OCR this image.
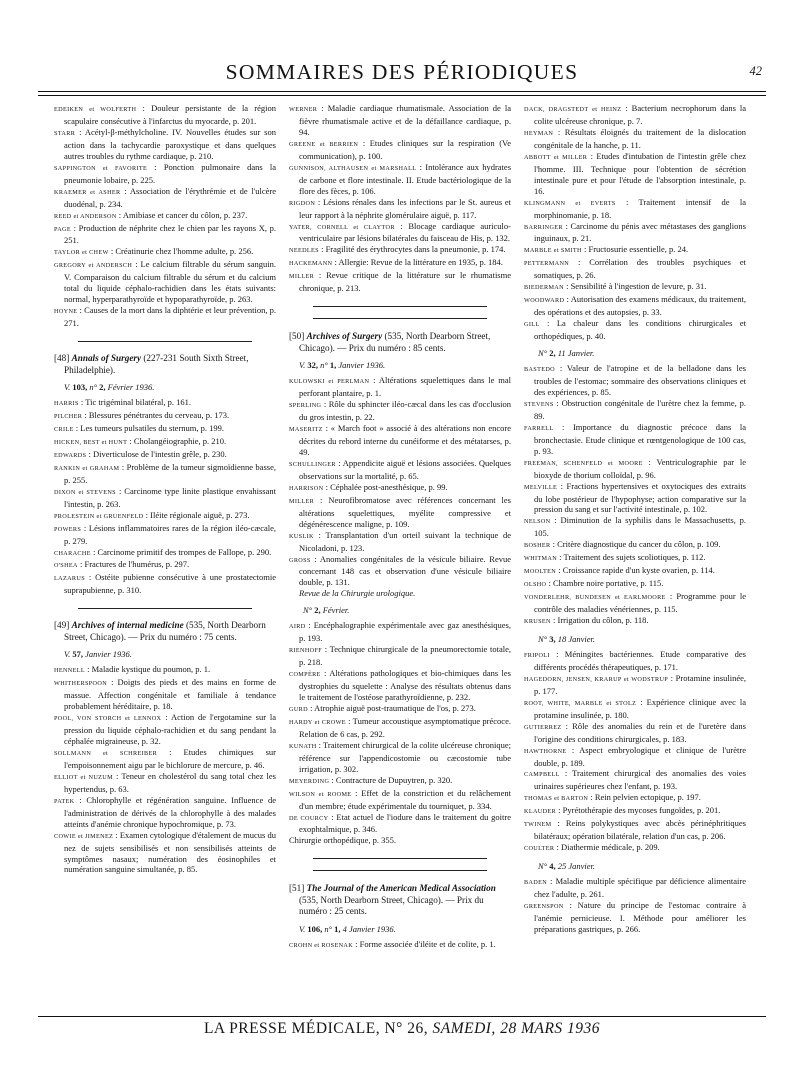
SOMMAIRES DES PÉRIODIQUES	42
EDEIKEN et WOLFERTH : Douleur persistante de la région scapulaire consécutive à l'infarctus du myocarde, p. 201.
STARR : Acétyl-β-méthylcholine. IV. Nouvelles études sur son action dans la tachycardie paroxystique et dans quelques autres troubles du rythme cardiaque, p. 210.
SAPPINGTON et FAVORITE : Ponction pulmonaire dans la pneumonie lobaire, p. 225.
KRAEMER et ASHER : Association de l'érythrémie et de l'ulcère duodénal, p. 234.
REED et ANDERSON : Amibiase et cancer du côlon, p. 237.
PAGE : Production de néphrite chez le chien par les rayons X, p. 251.
TAYLOR et CHEW : Créatinurie chez l'homme adulte, p. 256.
GREGORY et ANDERSCH : Le calcium filtrable du sérum sanguin. V. Comparaison du calcium filtrable du sérum et du calcium total du liquide céphalo-rachidien dans les états suivants: normal, hyperparathyroïde et hypoparathyroïde, p. 263.
HOYNE : Causes de la mort dans la diphtérie et leur prévention, p. 271.
[48] Annals of Surgery (227-231 South Sixth Street, Philadelphie).
V. 103, n° 2, Février 1936.
HARRIS : Tic trigéminal bilatéral, p. 161.
PILCHER : Blessures pénétrantes du cerveau, p. 173.
CRILE : Les tumeurs pulsatiles du sternum, p. 199.
HICKEN, BEST et HUNT : Cholangéiographie, p. 210.
EDWARDS : Diverticulose de l'intestin grêle, p. 230.
RANKIN et GRAHAM : Problème de la tumeur sigmoïdienne basse, p. 255.
DIXON et STEVENS : Carcinome type linite plastique envahissant l'intestin, p. 263.
PROLESTEIN et GRUENFELD : Iléite régionale aiguë, p. 273.
POWERS : Lésions inflammatoires rares de la région iléo-cæcale, p. 279.
CHARACHE : Carcinome primitif des trompes de Fallope, p. 290.
O'SHEA : Fractures de l'humérus, p. 297.
LAZARUS : Ostéite pubienne consécutive à une prostatectomie suprapubienne, p. 310.
[49] Archives of internal medicine (535, North Dearborn Street, Chicago). — Prix du numéro : 75 cents.
V. 57, Janvier 1936.
HENNELL : Maladie kystique du poumon, p. 1.
WHITHERSPOON : Doigts des pieds et des mains en forme de massue. Affection congénitale et familiale à tendance probablement héréditaire, p. 18.
POOL, VON STORCH et LENNOX : Action de l'ergotamine sur la pression du liquide céphalo-rachidien et du sang pendant la céphalée migraineuse, p. 32.
SOLLMANN et SCHREIBER : Etudes chimiques sur l'empoisonnement aigu par le bichlorure de mercure, p. 46.
ELLIOT et NUZUM : Teneur en cholestérol du sang total chez les hypertendus, p. 63.
PATEK : Chlorophylle et régénération sanguine. Influence de l'administration de dérivés de la chlorophylle à des malades atteints d'anémie chronique hypochromique, p. 73.
COWIE et JIMENEZ : Examen cytologique d'étalement de mucus du nez de sujets sensibilisés et non sensibilisés atteints de symptômes nasaux; numération des éosinophiles et numération sanguine simultanée, p. 85.
WERNER : Maladie cardiaque rhumatismale. Association de la fièvre rhumatismale active et de la défaillance cardiaque, p. 94.
GREENE et BERRIEN : Etudes cliniques sur la respiration (Ve communication), p. 100.
GUNNISON, ALTHAUSEN et MARSHALL : Intolérance aux hydrates de carbone et flore intestinale. II. Etude bactériologique de la flore des fèces, p. 106.
RIGDON : Lésions rénales dans les infections par le St. aureus et leur rapport à la néphrite glomérulaire aiguë, p. 117.
YATER, CORNELL et CLAYTOR : Blocage cardiaque auriculo-ventriculaire par lésions bilatérales du faisceau de His, p. 132.
NEEDLES : Fragilité des érythrocytes dans la pneumonie, p. 174.
HACKEMANN : Allergie: Revue de la littérature en 1935, p. 184.
MILLER : Revue critique de la littérature sur le rhumatisme chronique, p. 213.
[50] Archives of Surgery (535, North Dearborn Street, Chicago). — Prix du numéro : 85 cents.
V. 32, n° 1, Janvier 1936.
KULOWSKI et PERLMAN : Altérations squelettiques dans le mal perforant plantaire, p. 1.
SPERLING : Rôle du sphincter iléo-cæcal dans les cas d'occlusion du gros intestin, p. 22.
MASERITZ : « March foot » associé à des altérations non encore décrites du rebord interne du cunéiforme et des métatarses, p. 49.
SCHULLINGER : Appendicite aiguë et lésions associées. Quelques observations sur la mortalité, p. 65.
HARRISON : Céphalée post-anesthésique, p. 99.
MILLER : Neurofibromatose avec références concernant les altérations squelettiques, myélite compressive et dégénérescence maligne, p. 109.
KUSLIK : Transplantation d'un orteil suivant la technique de Nicoladoni, p. 123.
GROSS : Anomalies congénitales de la vésicule biliaire. Revue concernant 148 cas et observation d'une vésicule biliaire double, p. 131.
Revue de la Chirurgie urologique.
N° 2, Février.
AIRD : Encéphalographie expérimentale avec gaz anesthésiques, p. 193.
RIENHOFF : Technique chirurgicale de la pneumorectomie totale, p. 218.
COMPÈRE : Altérations pathologiques et bio-chimiques dans les dystrophies du squelette : Analyse des résultats obtenus dans le traitement de l'ostéose parathyroïdienne, p. 232.
GURD : Atrophie aiguë post-traumatique de l'os, p. 273.
HARDY et CROWE : Tumeur accoustique asymptomatique précoce. Relation de 6 cas, p. 292.
KUNATH : Traitement chirurgical de la colite ulcéreuse chronique; référence sur l'appendicostomie ou cæcostomie tube irrigation, p. 302.
MEYERDING : Contracture de Dupuytren, p. 320.
WILSON et ROOME : Effet de la constriction et du relâchement d'un membre; étude expérimentale du tourniquet, p. 334.
DE COURCY : Etat actuel de l'iodure dans le traitement du goitre exophtalmique, p. 346.
Chirurgie orthopédique, p. 355.
[51] The Journal of the American Medical Association (535, North Dearborn Street, Chicago). — Prix du numéro : 25 cents.
V. 106, n° 1, 4 Janvier 1936.
CROHN et ROSENAK : Forme associée d'iléite et de colite, p. 1.
DACK, DRAGSTEDT et HEINZ : Bacterium necrophorum dans la colite ulcéreuse chronique, p. 7.
HEYMAN : Résultats éloignés du traitement de la dislocation congénitale de la hanche, p. 11.
ABBOTT et MILLER : Etudes d'intubation de l'intestin grêle chez l'homme. III. Technique pour l'obtention de sécrétion intestinale pure et pour l'étude de l'absorption intestinale, p. 16.
KLINGMANN et EVERTS : Traitement intensif de la morphinomanie, p. 18.
BARRINGER : Carcinome du pénis avec métastases des ganglions inguinaux, p. 21.
MARBLE et SMITH : Fructosurie essentielle, p. 24.
PETTERMANN : Corrélation des troubles psychiques et somatiques, p. 26.
BIEDERMAN : Sensibilité à l'ingestion de levure, p. 31.
WOODWARD : Autorisation des examens médicaux, du traitement, des opérations et des autopsies, p. 33.
GILL : La chaleur dans les conditions chirurgicales et orthopédiques, p. 40.
N° 2, 11 Janvier.
BASTEDO : Valeur de l'atropine et de la belladone dans les troubles de l'estomac; sommaire des observations cliniques et des expériences, p. 85.
STEVENS : Obstruction congénitale de l'urètre chez la femme, p. 89.
FARRELL : Importance du diagnostic précoce dans la bronchectasie. Etude clinique et rœntgenologique de 100 cas, p. 93.
FREEMAN, SCHENFELD et MOORE : Ventriculographie par le bioxyde de thorium colloïdal, p. 96.
MELVILLE : Fractions hypertensives et oxytociques des extraits du lobe postérieur de l'hypophyse; action comparative sur la pression du sang et sur l'activité intestinale, p. 102.
NELSON : Diminution de la syphilis dans le Massachusetts, p. 105.
BOSHER : Critère diagnostique du cancer du côlon, p. 109.
WHITMAN : Traitement des sujets scoliotiques, p. 112.
MOOLTEN : Croissance rapide d'un kyste ovarien, p. 114.
OLSHO : Chambre noire portative, p. 115.
VONDERLEHR, BUNDESEN et EARLMOORE : Programme pour le contrôle des maladies vénériennes, p. 115.
KRUSEN : Irrigation du côlon, p. 118.
N° 3, 18 Janvier.
FRIPOLI : Méningites bactériennes. Etude comparative des différents procédés thérapeutiques, p. 171.
HAGEDORN, JENSEN, KRARUP et WODSTRUP : Protamine insulinée, p. 177.
ROOT, WHITE, MARBLE et STOLZ : Expérience clinique avec la protamine insulinée, p. 180.
GUTIERREZ : Rôle des anomalies du rein et de l'uretère dans l'origine des conditions chirurgicales, p. 183.
HAWTHORNE : Aspect embryologique et clinique de l'urètre double, p. 189.
CAMPBELL : Traitement chirurgical des anomalies des voies urinaires supérieures chez l'enfant, p. 193.
THOMAS et BARTON : Rein pelvien ectopique, p. 197.
KLAUDER : Pyrétothérapie des mycoses fungoïdes, p. 201.
TWINEM : Reins polykystiques avec abcès périnéphritiques bilatéraux; opération bilatérale, relation d'un cas, p. 206.
COULTER : Diathermie médicale, p. 209.
N° 4, 25 Janvier.
BADEN : Maladie multiple spécifique par déficience alimentaire chez l'adulte, p. 261.
GREENSPON : Nature du principe de l'estomac contraire à l'anémie pernicieuse. I. Méthode pour améliorer les préparations gastriques, p. 266.
LA PRESSE MÉDICALE, N° 26, SAMEDI, 28 MARS 1936
